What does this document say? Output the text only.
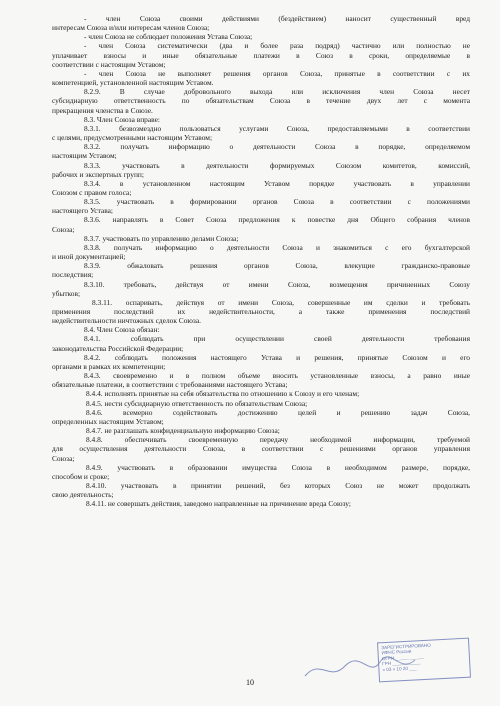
- член Союза своими действиями (бездействием) наносит существенный вред
интересам Союза и/или интересам членов Союза;
- член Союза не соблюдает положения Устава Союза;
- член Союза систематически (два и более раза подряд) частично или полностью не
уплачивает взносы и иные обязательные платежи в Союз в сроки, определяемые в
соответствии с настоящим Уставом;
- член Союза не выполняет решения органов Союза, принятые в соответствии с их
компетенцией, установленной настоящим Уставом.
8.2.9. В случае добровольного выхода или исключения член Союза несет
субсидиарную ответственность по обязательствам Союза в течение двух лет с момента
прекращения членства в Союзе.
8.3. Член Союза вправе:
8.3.1. безвозмездно пользоваться услугами Союза, предоставляемыми в соответствии
с целями, предусмотренными настоящим Уставом;
8.3.2. получать информацию о деятельности Союза в порядке, определяемом
настоящим Уставом;
8.3.3. участвовать в деятельности формируемых Союзом комитетов, комиссий,
рабочих и экспертных групп;
8.3.4. в установленном настоящим Уставом порядке участвовать в управлении
Союзом с правом голоса;
8.3.5. участвовать в формировании органов Союза в соответствии с положениями
настоящего Устава;
8.3.6. направлять в Совет Союза предложения к повестке дня Общего собрания членов
Союза;
8.3.7. участвовать по управлению делами Союза;
8.3.8. получать информацию о деятельности Союза и знакомиться с его бухгалтерской
и иной документацией;
8.3.9. обжаловать решения органов Союза, влекущие гражданско-правовые
последствия;
8.3.10. требовать, действуя от имени Союза, возмещения причиненных Союзу
убытков;
8.3.11. оспаривать, действуя от имени Союза, совершенные им сделки и требовать
применения последствий их недействительности, а также применения последствий
недействительности ничтожных сделок Союза.
8.4. Член Союза обязан:
8.4.1. соблюдать при осуществлении своей деятельности требования
законодательства Российской Федерации;
8.4.2. соблюдать положения настоящего Устава и решения, принятые Союзом и его
органами в рамках их компетенции;
8.4.3. своевременно и в полном объеме вносить установленные взносы, а равно иные
обязательные платежи, в соответствии с требованиями настоящего Устава;
8.4.4. исполнять принятые на себя обязательства по отношению к Союзу и его членам;
8.4.5. нести субсидиарную ответственность по обязательствам Союза;
8.4.6. всемерно содействовать достижению целей и решению задач Союза,
определенных настоящим Уставом;
8.4.7. не разглашать конфиденциальную информацию Союза;
8.4.8. обеспечивать своевременную передачу необходимой информации, требуемой
для осуществления деятельности Союза, в соответствии с решениями органов управления
Союза;
8.4.9. участвовать в образовании имущества Союза в необходимом размере, порядке,
способом и сроке;
8.4.10. участвовать в принятии решений, без которых Союз не может продолжать
свою деятельность;
8.4.11. не совершать действия, заведомо направленные на причинение вреда Союзу;
ЗАРЕГИСТРИРОВАНО
ИФНС России
ОГРН ___________
ГРН ___________
« 03 » 10 20 ___
10
